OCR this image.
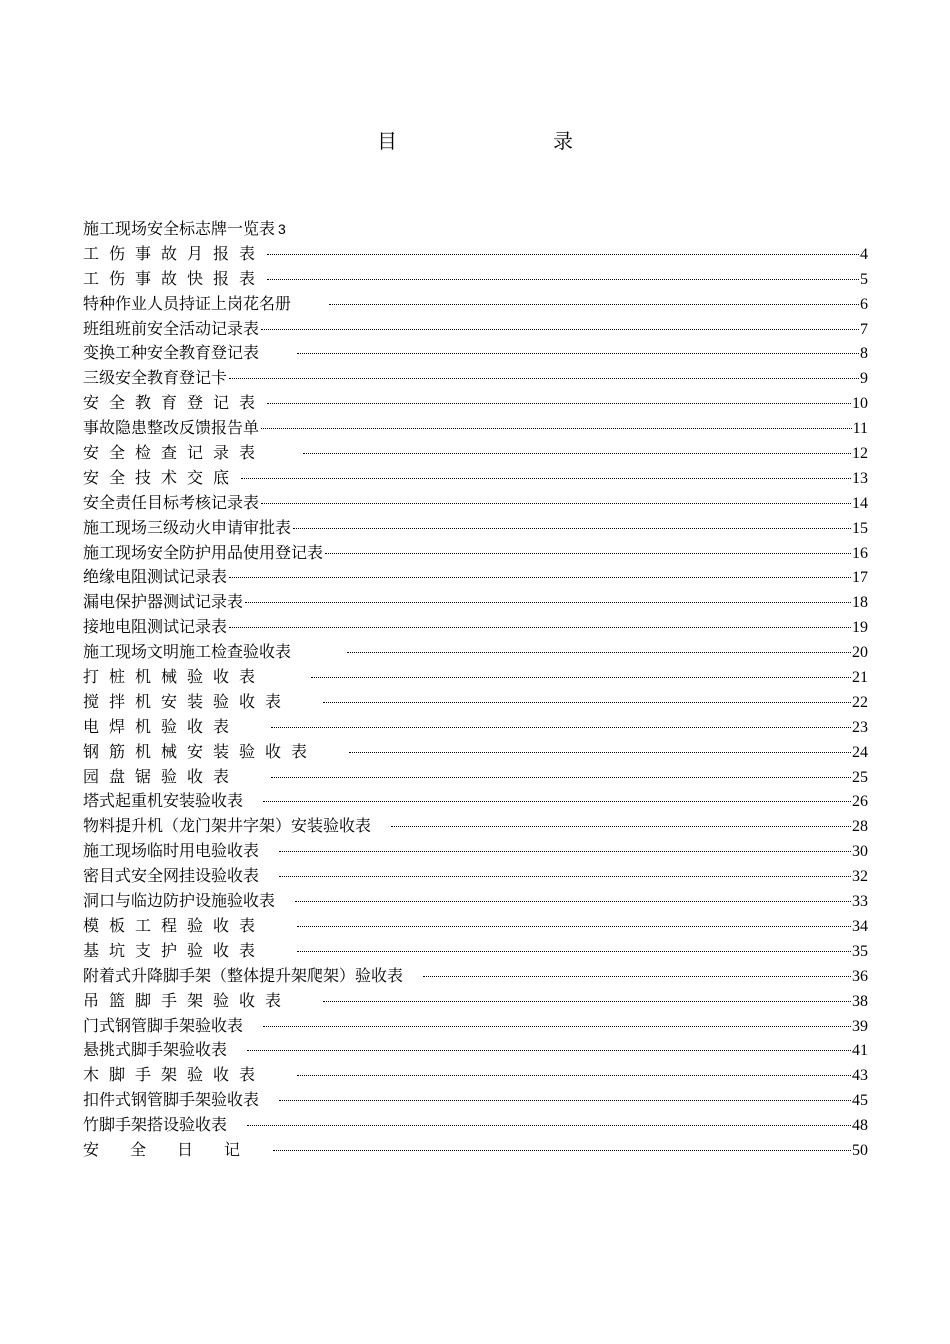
目　录
施工现场安全标志牌一览表 3
工伤事故月报表	4
工伤事故快报表	5
特种作业人员持证上岗花名册	6
班组班前安全活动记录表	7
变换工种安全教育登记表	8
三级安全教育登记卡	9
安全教育登记表	10
事故隐患整改反馈报告单	11
安全检查记录表	12
安全技术交底	13
安全责任目标考核记录表	14
施工现场三级动火申请审批表	15
施工现场安全防护用品使用登记表	16
绝缘电阻测试记录表	17
漏电保护器测试记录表	18
接地电阻测试记录表	19
施工现场文明施工检查验收表	20
打桩机械验收表	21
搅拌机安装验收表	22
电焊机验收表	23
钢筋机械安装验收表	24
园盘锯验收表	25
塔式起重机安装验收表	26
物料提升机（龙门架井字架）安装验收表	28
施工现场临时用电验收表	30
密目式安全网挂设验收表	32
洞口与临边防护设施验收表	33
模板工程验收表	34
基坑支护验收表	35
附着式升降脚手架（整体提升架爬架）验收表	36
吊篮脚手架验收表	38
门式钢管脚手架验收表	39
悬挑式脚手架验收表	41
木脚手架验收表	43
扣件式钢管脚手架验收表	45
竹脚手架搭设验收表	48
安全日记	50
